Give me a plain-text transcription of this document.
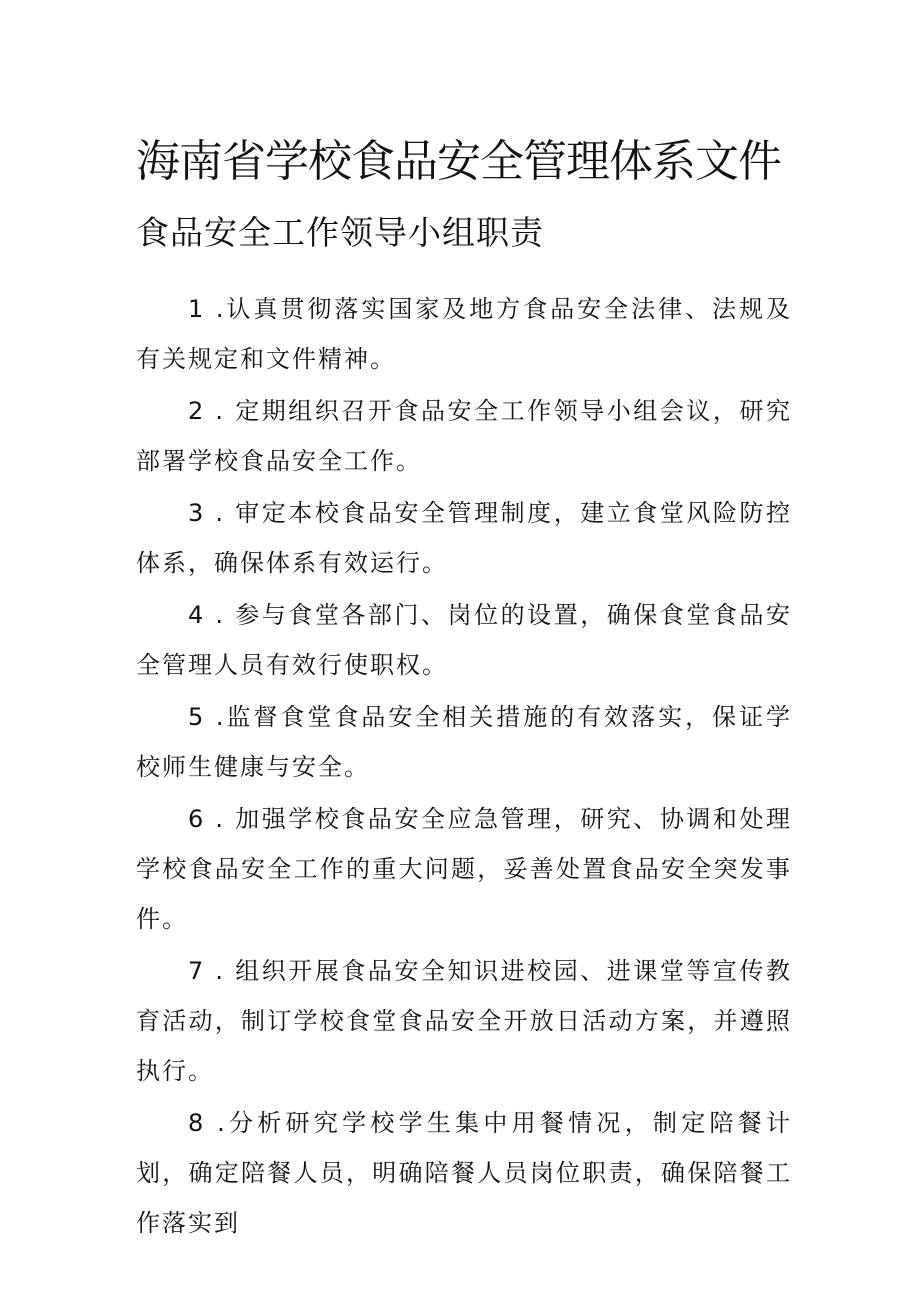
海南省学校食品安全管理体系文件
食品安全工作领导小组职责

1 .认真贯彻落实国家及地方食品安全法律、法规及有关规定和文件精神。

2 . 定期组织召开食品安全工作领导小组会议，研究部署学校食品安全工作。

3 . 审定本校食品安全管理制度，建立食堂风险防控体系，确保体系有效运行。

4 . 参与食堂各部门、岗位的设置，确保食堂食品安全管理人员有效行使职权。

5 .监督食堂食品安全相关措施的有效落实，保证学校师生健康与安全。

6 . 加强学校食品安全应急管理，研究、协调和处理学校食品安全工作的重大问题，妥善处置食品安全突发事件。

7 . 组织开展食品安全知识进校园、进课堂等宣传教育活动，制订学校食堂食品安全开放日活动方案，并遵照执行。

8 .分析研究学校学生集中用餐情况，制定陪餐计划，确定陪餐人员，明确陪餐人员岗位职责，确保陪餐工作落实到
